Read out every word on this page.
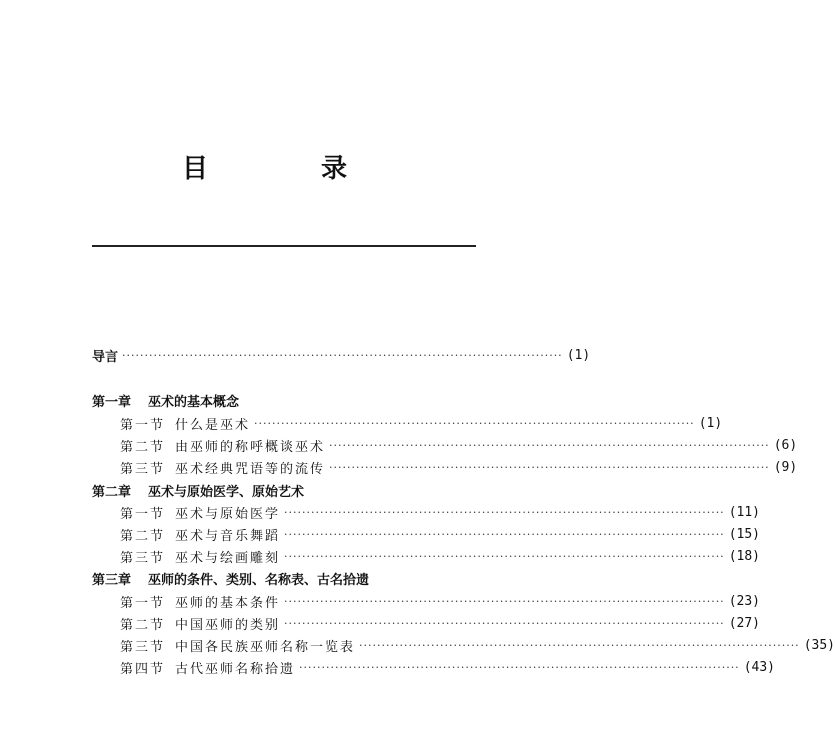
目 录
导言 ·································································································· (1)
第一章	巫术的基本概念
第一节 什么是巫术 ·································································································· (1)
第二节 由巫师的称呼概谈巫术 ·································································································· (6)
第三节 巫术经典咒语等的流传 ·································································································· (9)
第二章	巫术与原始医学、原始艺术
第一节 巫术与原始医学 ·································································································· (11)
第二节 巫术与音乐舞蹈 ·································································································· (15)
第三节 巫术与绘画雕刻 ·································································································· (18)
第三章	巫师的条件、类别、名称表、古名拾遗
第一节 巫师的基本条件 ·································································································· (23)
第二节 中国巫师的类别 ·································································································· (27)
第三节 中国各民族巫师名称一览表 ·································································································· (35)
第四节 古代巫师名称拾遗 ·································································································· (43)
